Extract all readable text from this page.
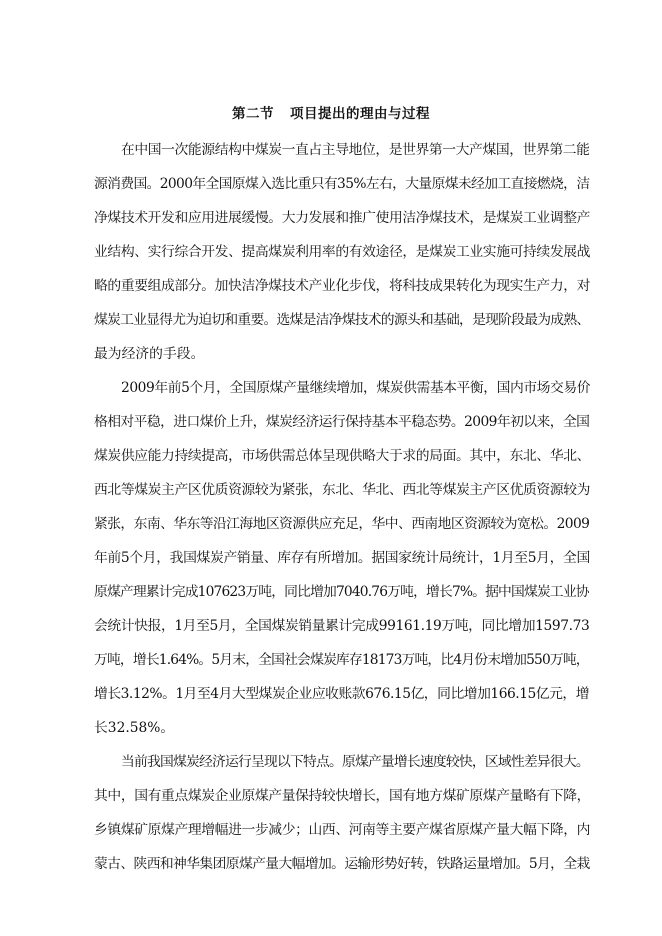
第二节 项目提出的理由与过程
在中国一次能源结构中煤炭一直占主导地位，是世界第一大产煤国，世界第二能
源消费国。2000年全国原煤入选比重只有35%左右，大量原煤未经加工直接燃烧，洁
净煤技术开发和应用进展缓慢。大力发展和推广使用洁净煤技术，是煤炭工业调整产
业结构、实行综合开发、提高煤炭利用率的有效途径，是煤炭工业实施可持续发展战
略的重要组成部分。加快洁净煤技术产业化步伐，将科技成果转化为现实生产力，对
煤炭工业显得尤为迫切和重要。选煤是洁净煤技术的源头和基础，是现阶段最为成熟、
最为经济的手段。
2009年前5个月，全国原煤产量继续增加，煤炭供需基本平衡，国内市场交易价
格相对平稳，进口煤价上升，煤炭经济运行保持基本平稳态势。2009年初以来，全国
煤炭供应能力持续提高，市场供需总体呈现供略大于求的局面。其中，东北、华北、
西北等煤炭主产区优质资源较为紧张，东北、华北、西北等煤炭主产区优质资源较为
紧张，东南、华东等沿江海地区资源供应充足，华中、西南地区资源较为宽松。2009
年前5个月，我国煤炭产销量、库存有所增加。据国家统计局统计，1月至5月，全国
原煤产理累计完成107623万吨，同比增加7040.76万吨，增长7%。据中国煤炭工业协
会统计快报，1月至5月，全国煤炭销量累计完成99161.19万吨，同比增加1597.73
万吨，增长1.64%。5月末，全国社会煤炭库存18173万吨，比4月份末增加550万吨，
增长3.12%。1月至4月大型煤炭企业应收账款676.15亿，同比增加166.15亿元，增
长32.58%。
当前我国煤炭经济运行呈现以下特点。原煤产量增长速度较快，区域性差异很大。
其中，国有重点煤炭企业原煤产量保持较快增长，国有地方煤矿原煤产量略有下降，
乡镇煤矿原煤产理增幅进一步减少；山西、河南等主要产煤省原煤产量大幅下降，内
蒙古、陕西和神华集团原煤产量大幅增加。运输形势好转，铁路运量增加。5月，全栽
